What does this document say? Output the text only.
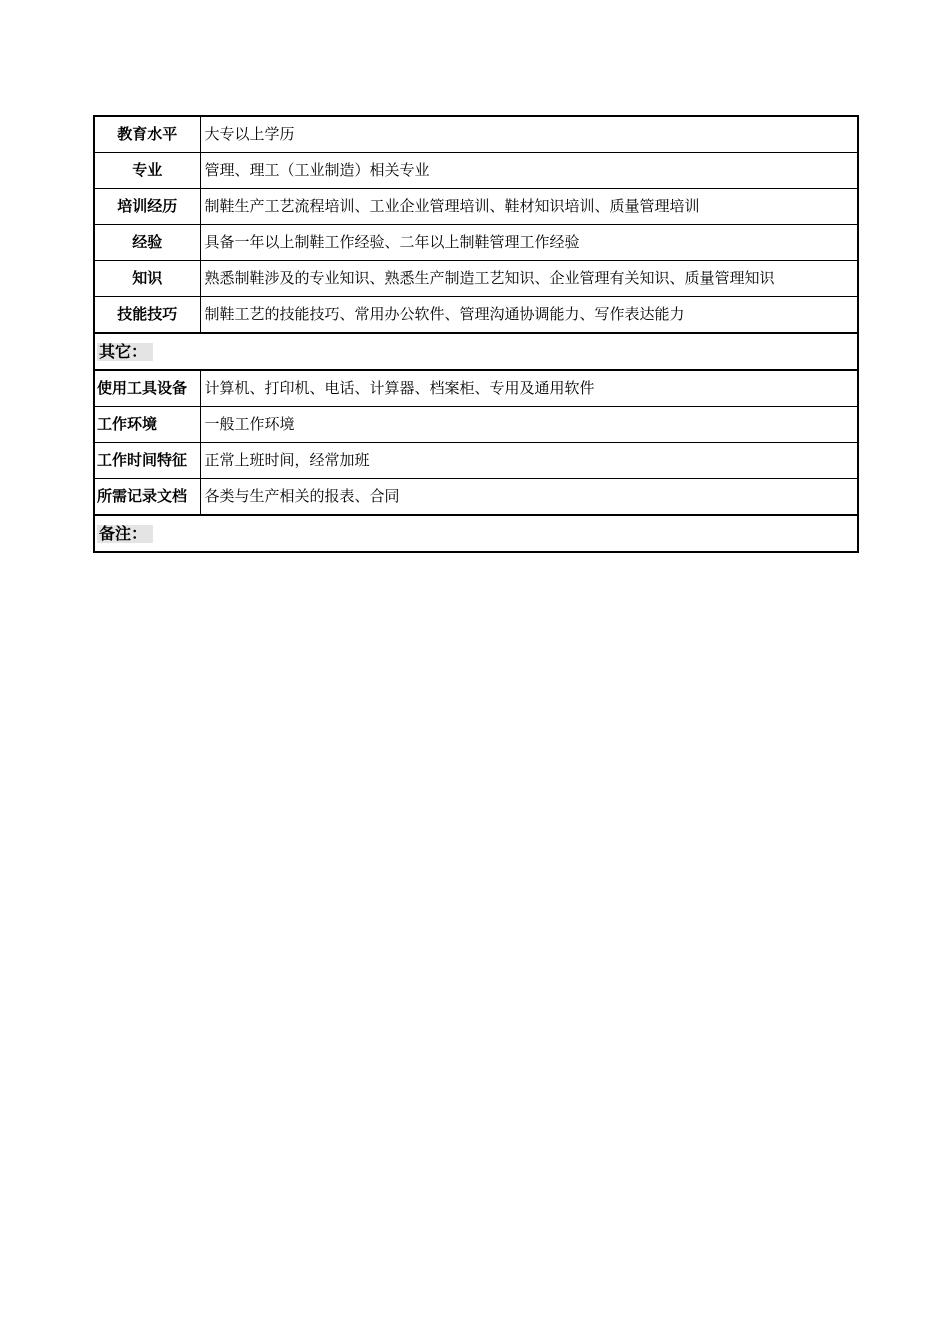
教育水平	大专以上学历
专业	管理、理工（工业制造）相关专业
培训经历	制鞋生产工艺流程培训、工业企业管理培训、鞋材知识培训、质量管理培训
经验	具备一年以上制鞋工作经验、二年以上制鞋管理工作经验
知识	熟悉制鞋涉及的专业知识、熟悉生产制造工艺知识、企业管理有关知识、质量管理知识
技能技巧	制鞋工艺的技能技巧、常用办公软件、管理沟通协调能力、写作表达能力
其它：	
使用工具设备	计算机、打印机、电话、计算器、档案柜、专用及通用软件
工作环境	一般工作环境
工作时间特征	正常上班时间，经常加班
所需记录文档	各类与生产相关的报表、合同
备注：	
